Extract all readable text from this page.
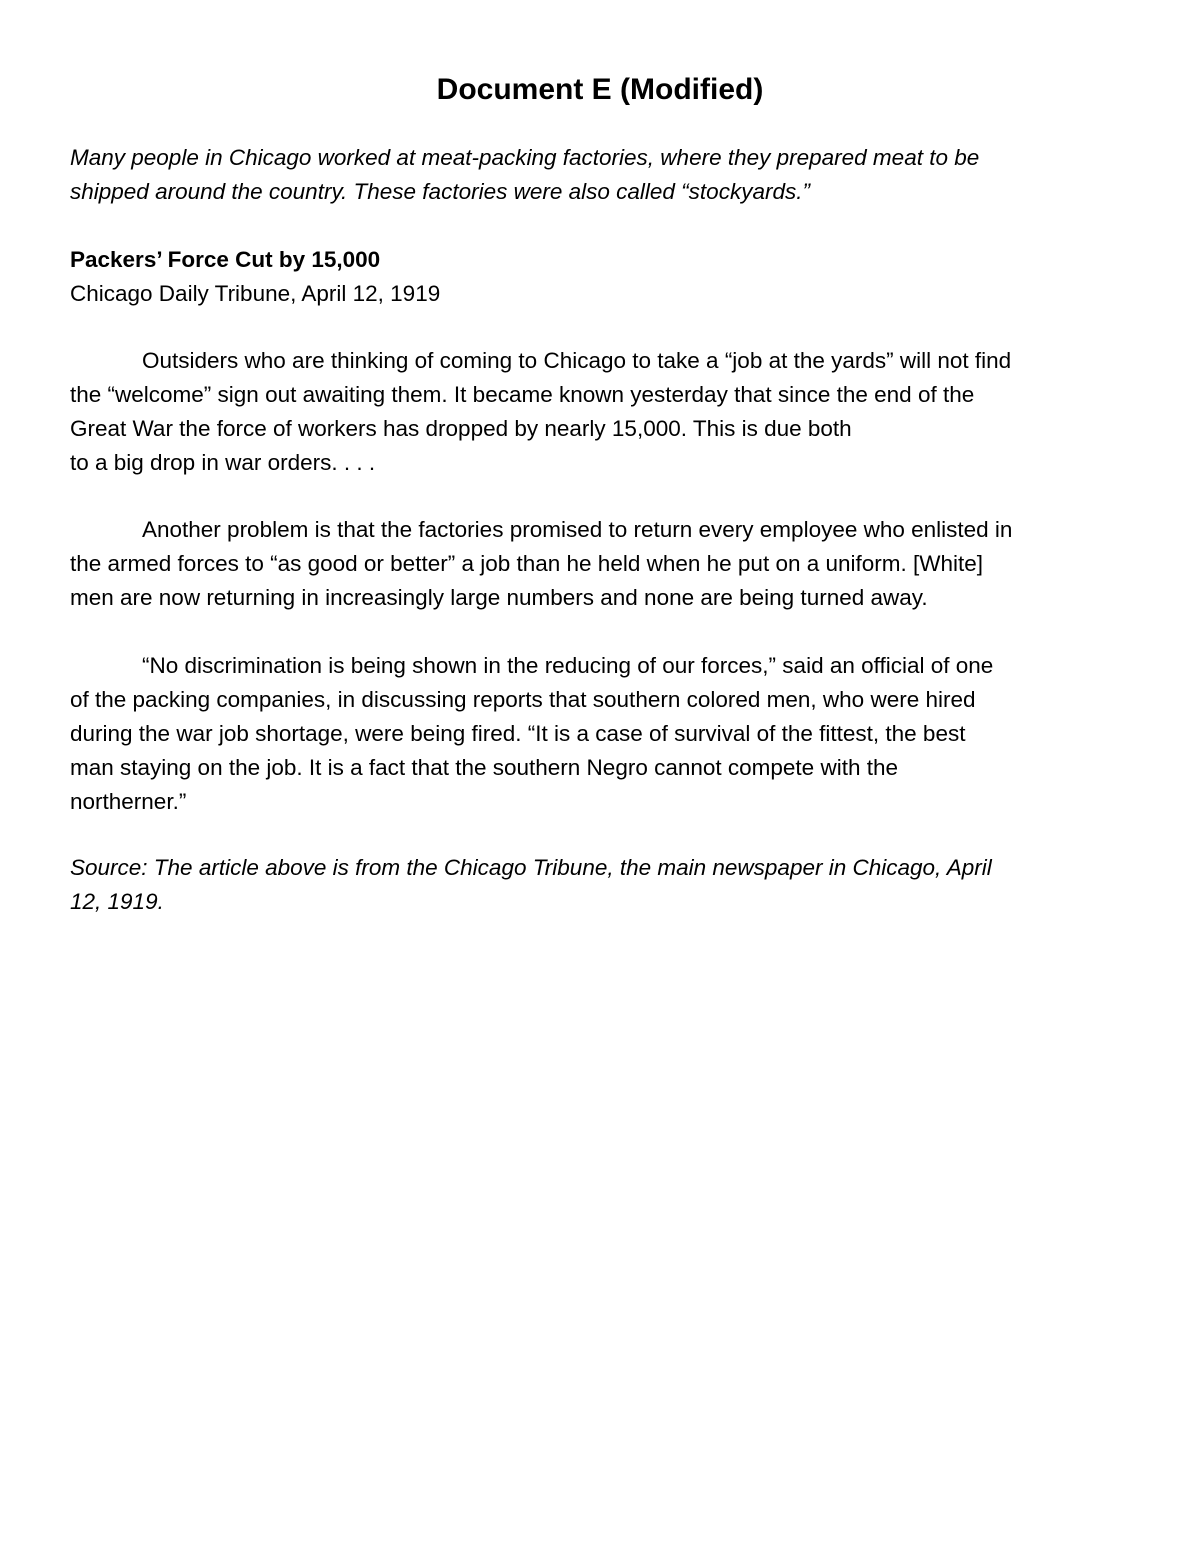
Document E (Modified)

Many people in Chicago worked at meat-packing factories, where they prepared meat to be
shipped around the country. These factories were also called “stockyards.”

Packers’ Force Cut by 15,000

Chicago Daily Tribune, April 12, 1919

Outsiders who are thinking of coming to Chicago to take a “job at the yards” will not find
the “welcome” sign out awaiting them. It became known yesterday that since the end of the
Great War the force of workers has dropped by nearly 15,000. This is due both
to a big drop in war orders. . . .

Another problem is that the factories promised to return every employee who enlisted in
the armed forces to “as good or better” a job than he held when he put on a uniform. [White]
men are now returning in increasingly large numbers and none are being turned away.

“No discrimination is being shown in the reducing of our forces,” said an official of one
of the packing companies, in discussing reports that southern colored men, who were hired
during the war job shortage, were being fired. “It is a case of survival of the fittest, the best
man staying on the job. It is a fact that the southern Negro cannot compete with the
northerner.”

Source: The article above is from the Chicago Tribune, the main newspaper in Chicago, April
12, 1919.
